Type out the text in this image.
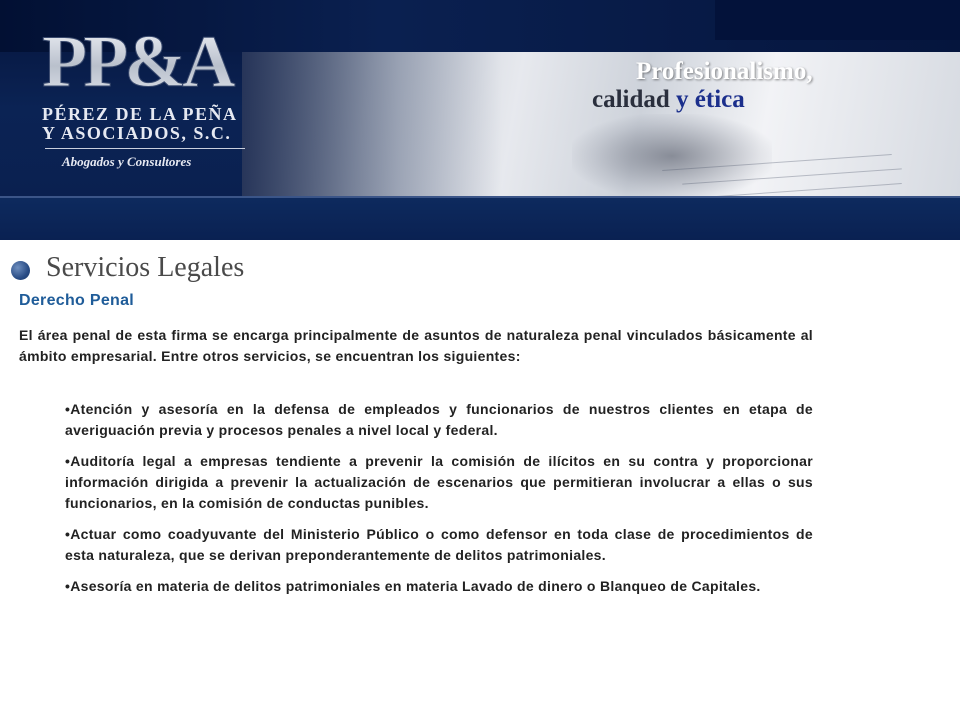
PP&A
PÉREZ DE LA PEÑA
Y ASOCIADOS, S.C.
Abogados y Consultores
Profesionalismo,
calidad y ética
Servicios Legales
Derecho Penal

El área penal de esta firma se encarga principalmente de asuntos de naturaleza penal vinculados básicamente al ámbito empresarial. Entre otros servicios, se encuentran los siguientes:

•Atención y asesoría en la defensa de empleados y funcionarios de nuestros clientes en etapa de averiguación previa y procesos penales a nivel local y federal.
•Auditoría legal a empresas tendiente a prevenir la comisión de ilícitos en su contra y proporcionar información dirigida a prevenir la actualización de escenarios que permitieran involucrar a ellas o sus funcionarios, en la comisión de conductas punibles.
•Actuar como coadyuvante del Ministerio Público o como defensor en toda clase de procedimientos de esta naturaleza, que se derivan preponderantemente de delitos patrimoniales.
•Asesoría en materia de delitos patrimoniales en materia Lavado de dinero o Blanqueo de Capitales.
